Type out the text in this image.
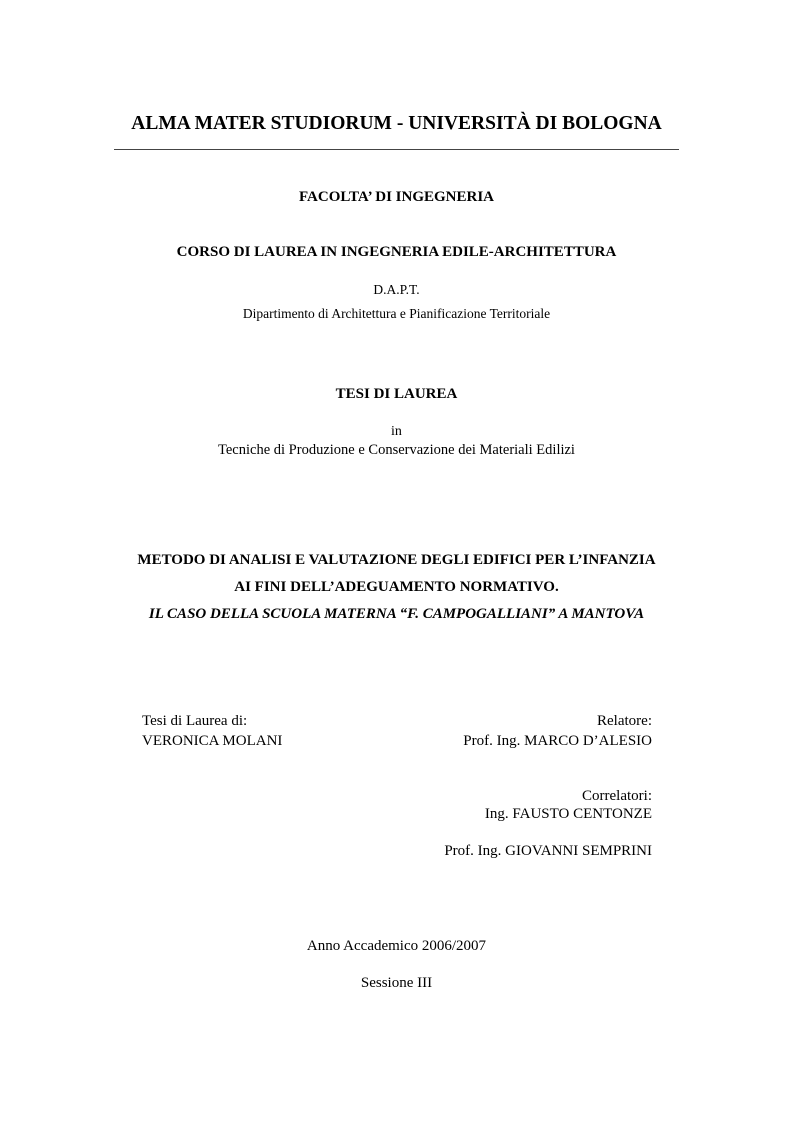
ALMA MATER STUDIORUM - UNIVERSITÀ DI BOLOGNA
FACOLTA’ DI INGEGNERIA
CORSO DI LAUREA IN INGEGNERIA EDILE-ARCHITETTURA
D.A.P.T.
Dipartimento di Architettura e Pianificazione Territoriale
TESI DI LAUREA
in
Tecniche di Produzione e Conservazione dei Materiali Edilizi
METODO DI ANALISI E VALUTAZIONE DEGLI EDIFICI PER L’INFANZIA
AI FINI DELL’ADEGUAMENTO NORMATIVO.
IL CASO DELLA SCUOLA MATERNA “F. CAMPOGALLIANI” A MANTOVA
Tesi di Laurea di:
VERONICA MOLANI
Relatore:
Prof. Ing. MARCO D’ALESIO
Correlatori:
Ing. FAUSTO CENTONZE
Prof. Ing. GIOVANNI SEMPRINI
Anno Accademico 2006/2007
Sessione III
